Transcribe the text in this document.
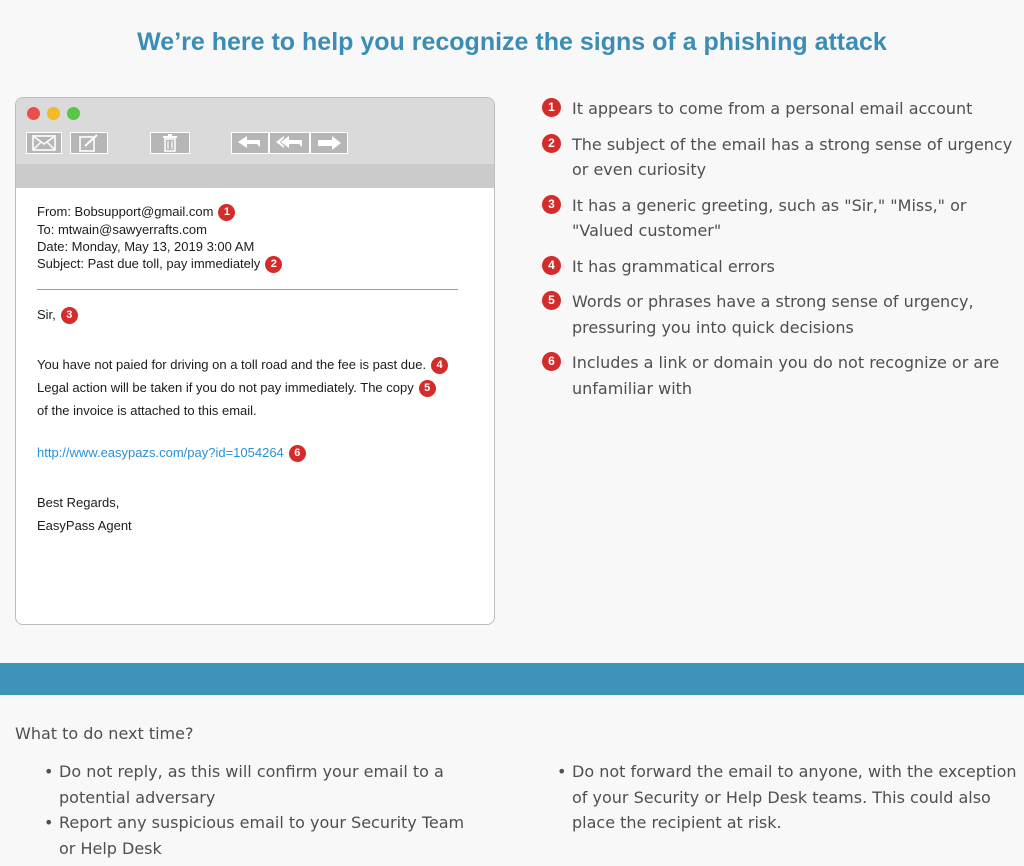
We’re here to help you recognize the signs of a phishing attack
From: Bobsupport@gmail.com 1
To: mtwain@sawyerrafts.com
Date: Monday, May 13, 2019 3:00 AM
Subject: Past due toll, pay immediately 2
Sir, 3
You have not paied for driving on a toll road and the fee is past due. 4
Legal action will be taken if you do not pay immediately. The copy 5
of the invoice is attached to this email.
http://www.easypazs.com/pay?id=1054264 6
Best Regards,
EasyPass Agent
1	It appears to come from a personal email account
2	The subject of the email has a strong sense of urgency or even curiosity
3	It has a generic greeting, such as "Sir," "Miss," or "Valued customer"
4	It has grammatical errors
5	Words or phrases have a strong sense of urgency, pressuring you into quick decisions
6	Includes a link or domain you do not recognize or are unfamiliar with
What to do next time?
• Do not reply, as this will confirm your email to a potential adversary
• Report any suspicious email to your Security Team or Help Desk
• Do not forward the email to anyone, with the exception of your Security or Help Desk teams. This could also place the recipient at risk.
